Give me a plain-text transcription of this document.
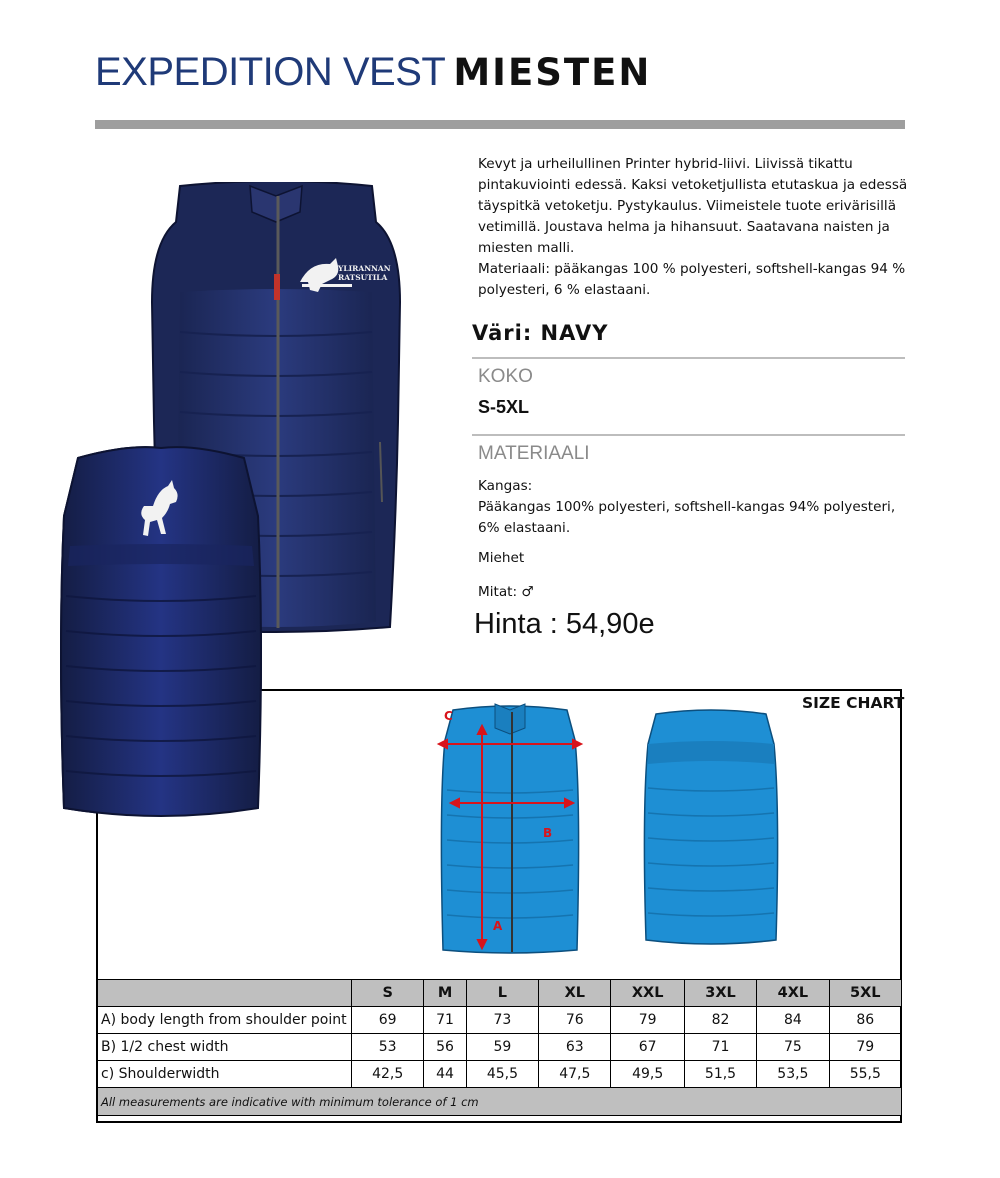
EXPEDITION VEST MIESTEN
YLIRANNAN
RATSUTILA

Kevyt ja urheilullinen Printer hybrid-liivi. Liivissä tikattu pintakuviointi edessä. Kaksi vetoketjullista etutaskua ja edessä täyspitkä vetoketju. Pystykaulus. Viimeistele tuote erivärisillä vetimillä. Joustava helma ja hihansuut. Saatavana naisten ja miesten malli.

Materiaali: pääkangas 100 % polyesteri, softshell-kangas 94 % polyesteri, 6 % elastaani.

Väri: NAVY
KOKO
S-5XL
MATERIAALI

Kangas:

Pääkangas 100% polyesteri, softshell-kangas 94% polyesteri, 6% elastaani.

Miehet
Mitat: ♂
Hinta : 54,90e
SIZE CHART
C
B
A
	S	M	L	XL	XXL	3XL	4XL	5XL
A) body length from shoulder point	69	71	73	76	79	82	84	86
B) 1/2 chest width	53	56	59	63	67	71	75	79
c) Shoulderwidth	42,5	44	45,5	47,5	49,5	51,5	53,5	55,5
All measurements are indicative with minimum tolerance of 1 cm								
